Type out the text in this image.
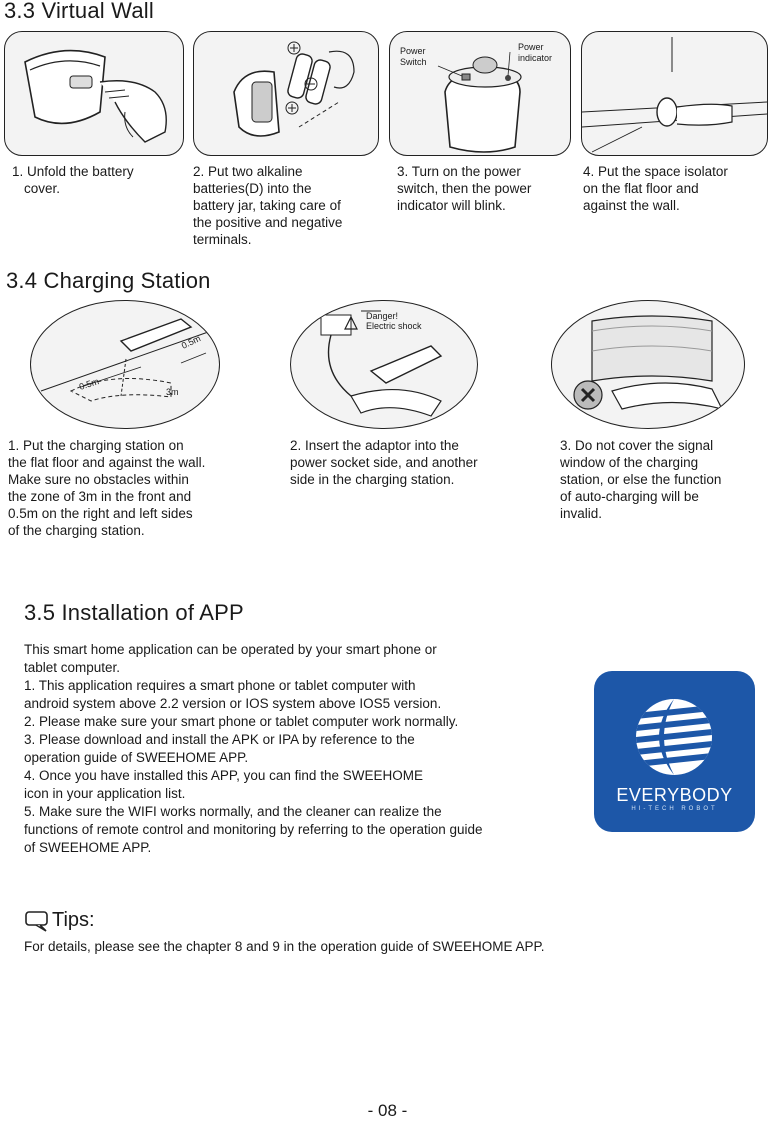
3.3 Virtual Wall
Power
Switch
Power
indicator
1. Unfold the battery
cover.
2. Put two alkaline
batteries(D) into the
battery jar, taking care of
the positive and negative
terminals.
3. Turn on the power
switch, then the power
indicator will blink.
4. Put the space isolator
on the flat floor and
against the wall.
3.4 Charging Station
0.5m
0.5m
3m
Danger!
Electric shock
1. Put the charging station on
the flat floor and against the wall.
Make sure no obstacles within
the zone of 3m in the front and
0.5m on the right and left sides
of the charging station.
2. Insert the adaptor into the
power socket side, and another
side in the charging station.
3. Do not cover the signal
window of the charging
station, or else the function
of auto-charging will be
invalid.
3.5 Installation of APP
This smart home application can be operated by your smart phone or
tablet computer.
1. This application requires a smart phone or tablet computer with
android system above 2.2 version or IOS system above IOS5 version.
2. Please make sure your smart phone or tablet computer work normally.
3. Please download and install the APK or IPA by reference to the
operation guide of SWEEHOME APP.
4. Once you have installed this APP, you can find the SWEEHOME
icon in your application list.
5. Make sure the WIFI works normally, and the cleaner can realize the
functions of remote control and monitoring by referring to the operation guide
of SWEEHOME APP.
EVERYBODY
HI-TECH ROBOT
Tips:
For details, please see the chapter 8 and 9 in the operation guide of SWEEHOME APP.
- 08 -
